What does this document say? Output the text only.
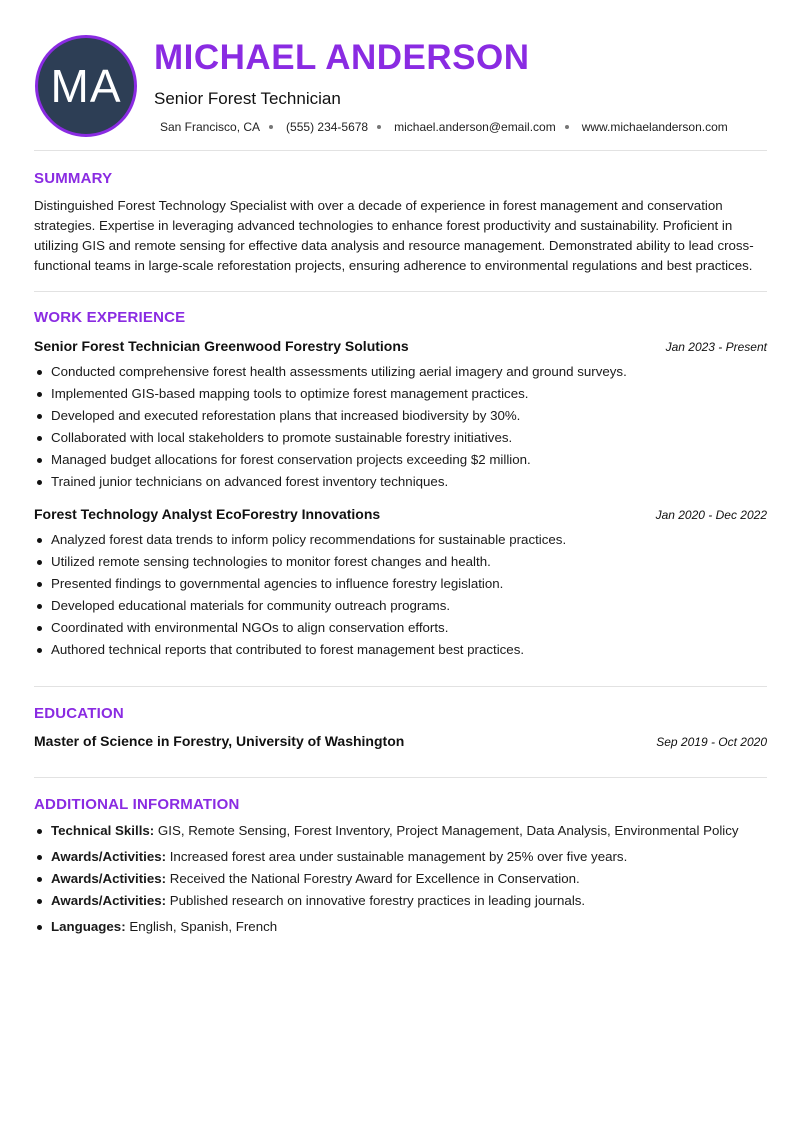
MA
MICHAEL ANDERSON
Senior Forest Technician
San Francisco, CA (555) 234-5678 michael.anderson@email.com www.michaelanderson.com
SUMMARY

Distinguished Forest Technology Specialist with over a decade of experience in forest management and conservation strategies. Expertise in leveraging advanced technologies to enhance forest productivity and sustainability. Proficient in utilizing GIS and remote sensing for effective data analysis and resource management. Demonstrated ability to lead cross-functional teams in large-scale reforestation projects, ensuring adherence to environmental regulations and best practices.

WORK EXPERIENCE
Senior Forest Technician Greenwood Forestry Solutions	Jan 2023 - Present
Conducted comprehensive forest health assessments utilizing aerial imagery and ground surveys.
Implemented GIS-based mapping tools to optimize forest management practices.
Developed and executed reforestation plans that increased biodiversity by 30%.
Collaborated with local stakeholders to promote sustainable forestry initiatives.
Managed budget allocations for forest conservation projects exceeding $2 million.
Trained junior technicians on advanced forest inventory techniques.
Forest Technology Analyst EcoForestry Innovations	Jan 2020 - Dec 2022
Analyzed forest data trends to inform policy recommendations for sustainable practices.
Utilized remote sensing technologies to monitor forest changes and health.
Presented findings to governmental agencies to influence forestry legislation.
Developed educational materials for community outreach programs.
Coordinated with environmental NGOs to align conservation efforts.
Authored technical reports that contributed to forest management best practices.
EDUCATION
Master of Science in Forestry, University of Washington	Sep 2019 - Oct 2020
ADDITIONAL INFORMATION
Technical Skills: GIS, Remote Sensing, Forest Inventory, Project Management, Data Analysis, Environmental Policy
Awards/Activities: Increased forest area under sustainable management by 25% over five years.
Awards/Activities: Received the National Forestry Award for Excellence in Conservation.
Awards/Activities: Published research on innovative forestry practices in leading journals.
Languages: English, Spanish, French
